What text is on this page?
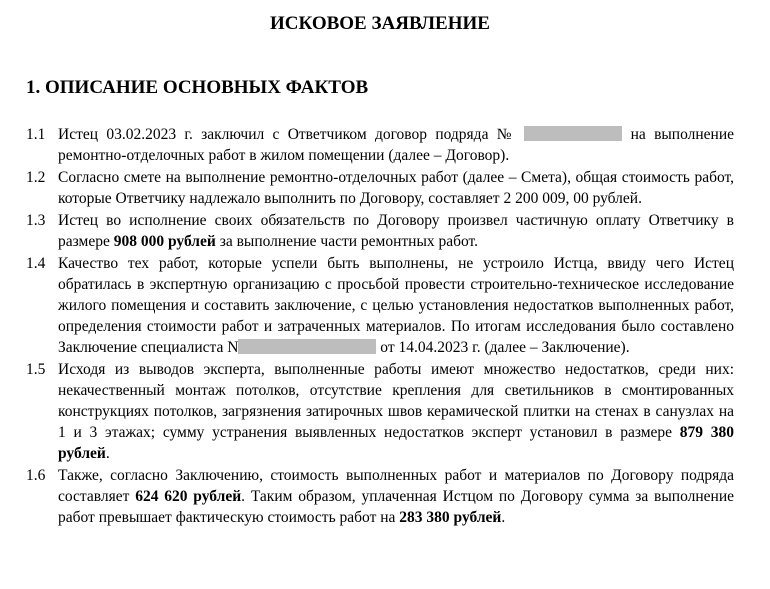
ИСКОВОЕ ЗАЯВЛЕНИЕ
1. ОПИСАНИЕ ОСНОВНЫХ ФАКТОВ
1.1 Истец 03.02.2023 г. заключил с Ответчиком договор подряда №	на выполнение ремонтно-отделочных работ в жилом помещении (далее – Договор).
1.2 Согласно смете на выполнение ремонтно-отделочных работ (далее – Смета), общая стоимость работ, которые Ответчику надлежало выполнить по Договору, составляет 2 200 009, 00 рублей.
1.3 Истец во исполнение своих обязательств по Договору произвел частичную оплату Ответчику в размере 908 000 рублей за выполнение части ремонтных работ.
1.4 Качество тех работ, которые успели быть выполнены, не устроило Истца, ввиду чего Истец обратилась в экспертную организацию с просьбой провести строительно-техническое исследование жилого помещения и составить заключение, с целью установления недостатков выполненных работ, определения стоимости работ и затраченных материалов. По итогам исследования было составлено Заключение специалиста N	от 14.04.2023 г. (далее – Заключение).
1.5 Исходя из выводов эксперта, выполненные работы имеют множество недостатков, среди них: некачественный монтаж потолков, отсутствие крепления для светильников в смонтированных конструкциях потолков, загрязнения затирочных швов керамической плитки на стенах в санузлах на 1 и 3 этажах; сумму устранения выявленных недостатков эксперт установил в размере 879 380 рублей.
1.6 Также, согласно Заключению, стоимость выполненных работ и материалов по Договору подряда составляет 624 620 рублей. Таким образом, уплаченная Истцом по Договору сумма за выполнение работ превышает фактическую стоимость работ на 283 380 рублей.
